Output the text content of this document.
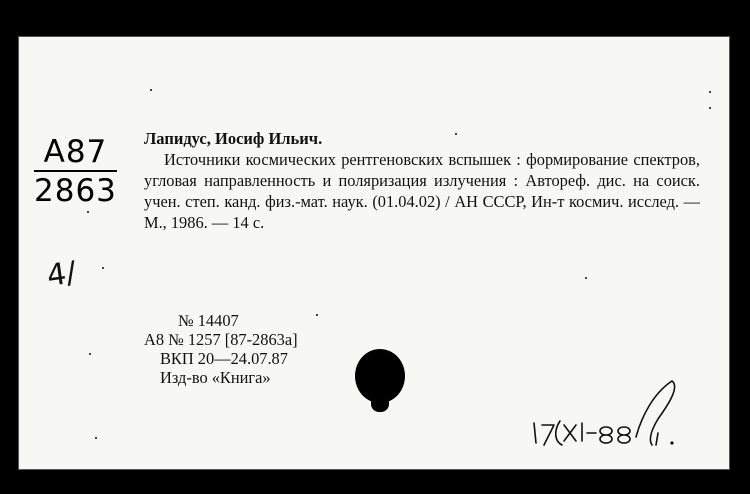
A87
2863
4/

Лапидус, Иосиф Ильич.

Источники космических рентгеновских вспышек : формирование спектров, угловая направленность и поляризация излучения : Автореф. дис. на соиск. учен. степ. канд. физ.-мат. наук. (01.04.02) / АН СССР, Ин-т космич. исслед. — М., 1986. — 14 с.

№ 14407
А8 № 1257 [87-2863а]
ВКП 20—24.07.87
Изд-во «Книга»
